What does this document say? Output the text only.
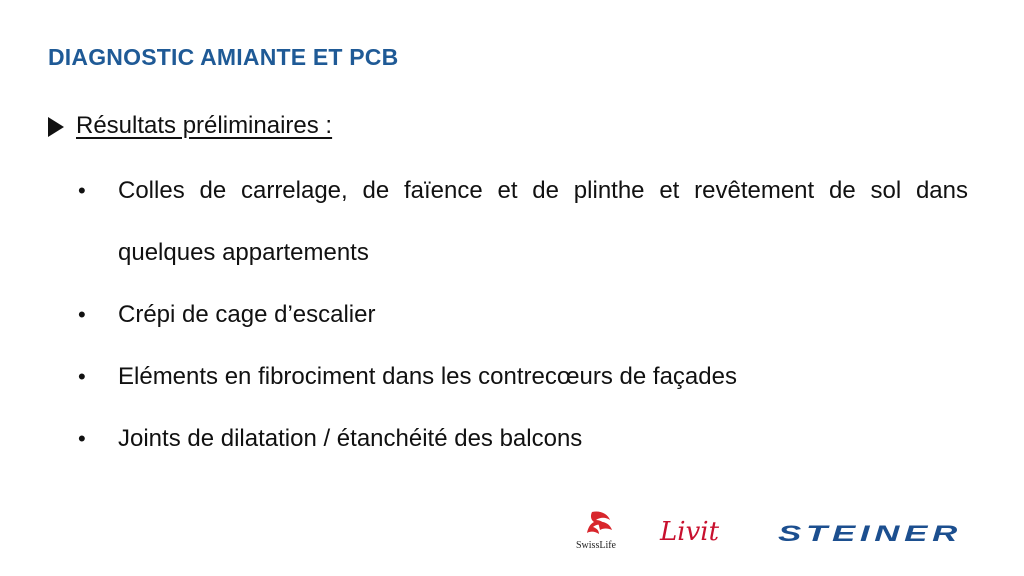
DIAGNOSTIC AMIANTE ET PCB
Résultats préliminaires :
• Colles de carrelage, de faïence et de plinthe et revêtement de sol dans quelques appartements
• Crépi de cage d’escalier
• Eléments en fibrociment dans les contrecœurs de façades
• Joints de dilatation / étanchéité des balcons
SwissLife Livit	STEINER
